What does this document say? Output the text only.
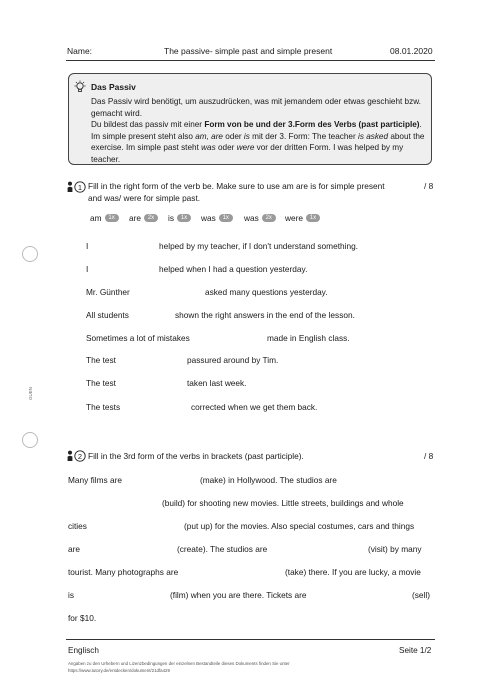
Name:	The passive- simple past and simple present	08.01.2020
GUEN
Das Passiv
Das Passiv wird benötigt, um auszudrücken, was mit jemandem oder etwas geschieht bzw. gemacht wird.
Du bildest das passiv mit einer Form von be und der 3.Form des Verbs (past participle). Im simple present steht also am, are oder is mit der 3. Form: The teacher is asked about the exercise. Im simple past steht was oder were vor der dritten Form. I was helped by my teacher.
1 Fill in the right form of the verb be. Make sure to use am are is for simple present
and was/ were for simple past.
/ 8
am 1x	are 2x	is 1x	was 1x	was 2x	were 1x
I	helped by my teacher, if I don't understand something.
I	helped when I had a question yesterday.
Mr. Günther	asked many questions yesterday.
All students	shown the right answers in the end of the lesson.
Sometimes a lot of mistakes	made in English class.
The test	passured around by Tim.
The test	taken last week.
The tests	corrected when we get them back.
2 Fill in the 3rd form of the verbs in brackets (past participle).	/ 8
Many films are	(make) in Hollywood. The studios are
(build) for shooting new movies. Little streets, buildings and whole
cities	(put up) for the movies. Also special costumes, cars and things
are	(create). The studios are	(visit) by many
tourist. Many photographs are	(take) there. If you are lucky, a movie
is	(film) when you are there. Tickets are	(sell)
for $10.
Englisch	Seite 1/2
Angaben zu den Urhebern und Lizenzbedingungen der einzelnen Bestandteile dieses Dokuments finden Sie unter
https://www.tutory.de/entdecken/dokument/21dfa429
